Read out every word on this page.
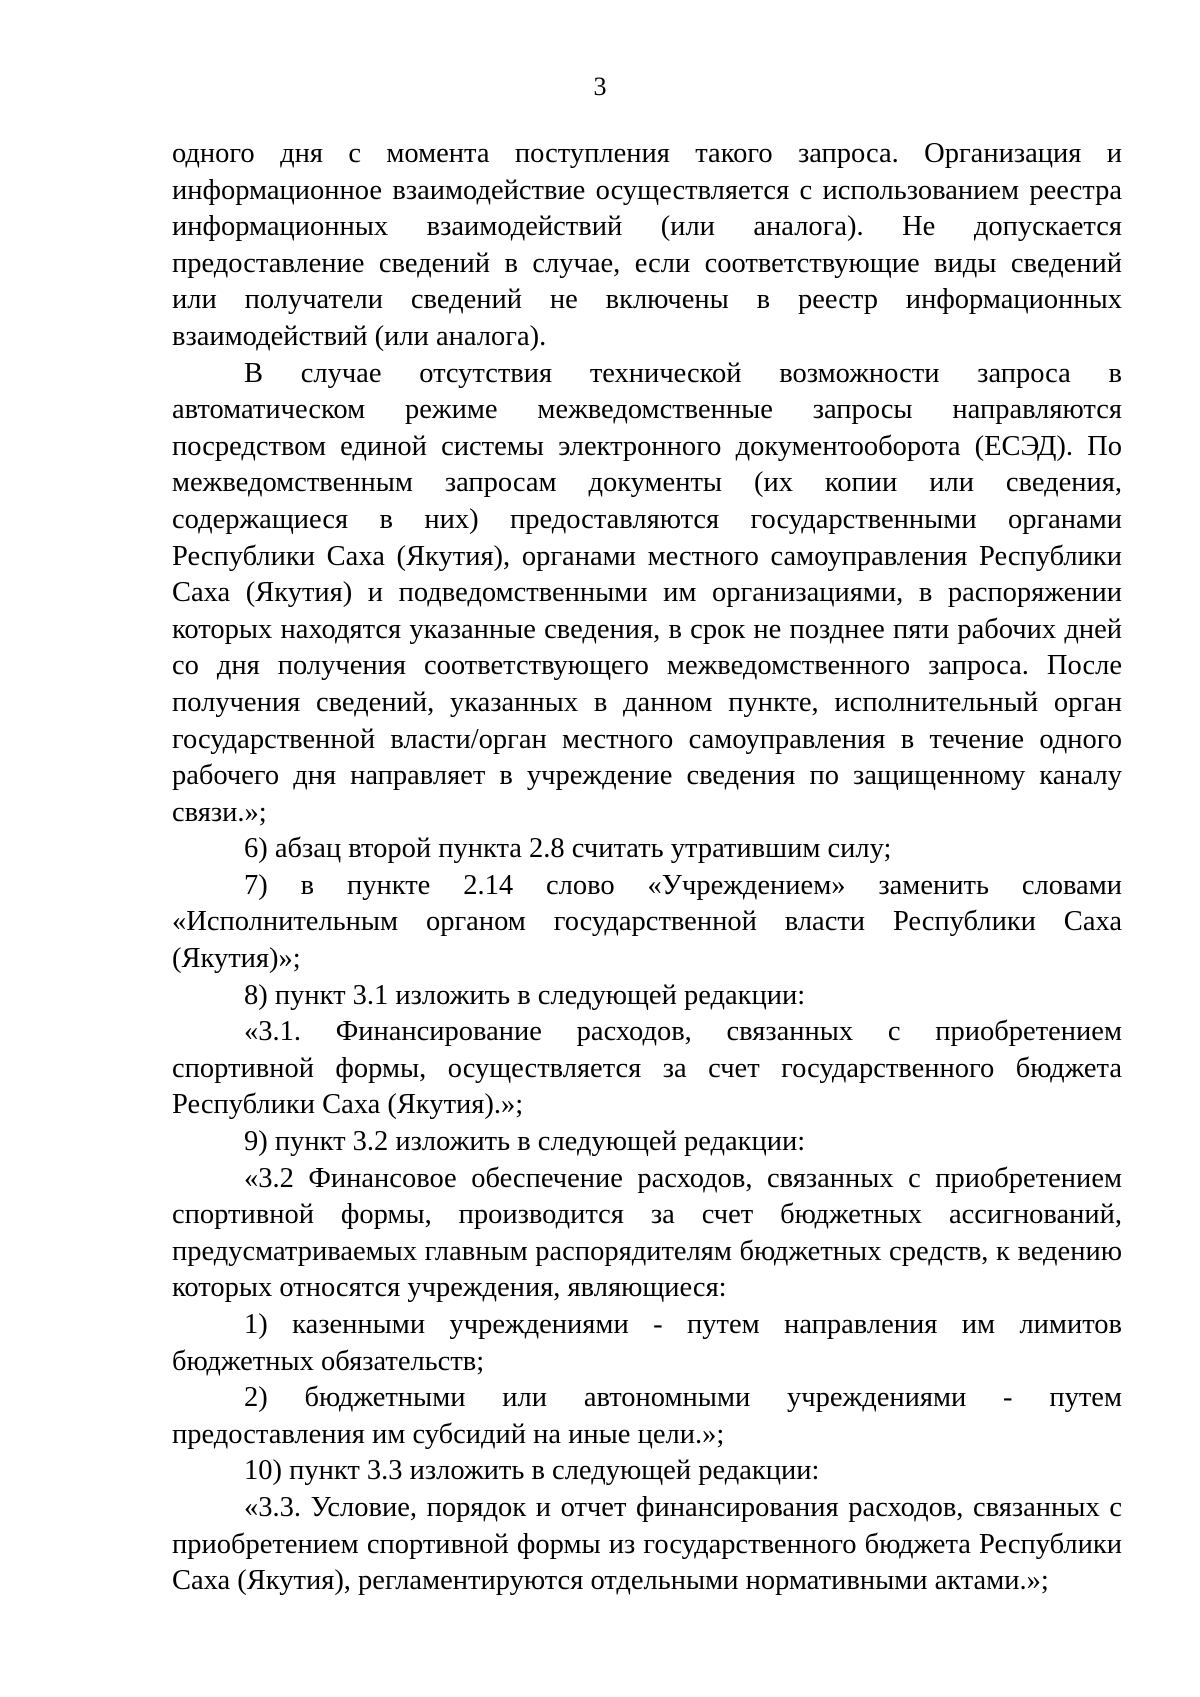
3

одного дня с момента поступления такого запроса. Организация и информационное взаимодействие осуществляется с использованием реестра информационных взаимодействий (или аналога). Не допускается предоставление сведений в случае, если соответствующие виды сведений или получатели сведений не включены в реестр информационных взаимодействий (или аналога).

В случае отсутствия технической возможности запроса в автоматическом режиме межведомственные запросы направляются посредством единой системы электронного документооборота (ЕСЭД). По межведомственным запросам документы (их копии или сведения, содержащиеся в них) предоставляются государственными органами Республики Саха (Якутия), органами местного самоуправления Республики Саха (Якутия) и подведомственными им организациями, в распоряжении которых находятся указанные сведения, в срок не позднее пяти рабочих дней со дня получения соответствующего межведомственного запроса. После получения сведений, указанных в данном пункте, исполнительный орган государственной власти/орган местного самоуправления в течение одного рабочего дня направляет в учреждение сведения по защищенному каналу связи.»;

6) абзац второй пункта 2.8 считать утратившим силу;

7) в пункте 2.14 слово «Учреждением» заменить словами «Исполнительным органом государственной власти Республики Саха (Якутия)»;

8) пункт 3.1 изложить в следующей редакции:

«3.1. Финансирование расходов, связанных с приобретением спортивной формы, осуществляется за счет государственного бюджета Республики Саха (Якутия).»;

9) пункт 3.2 изложить в следующей редакции:

«3.2 Финансовое обеспечение расходов, связанных с приобретением спортивной формы, производится за счет бюджетных ассигнований, предусматриваемых главным распорядителям бюджетных средств, к ведению которых относятся учреждения, являющиеся:

1) казенными учреждениями - путем направления им лимитов бюджетных обязательств;

2) бюджетными или автономными учреждениями - путем предоставления им субсидий на иные цели.»;

10) пункт 3.3 изложить в следующей редакции:

«3.3. Условие, порядок и отчет финансирования расходов, связанных с приобретением спортивной формы из государственного бюджета Республики Саха (Якутия), регламентируются отдельными нормативными актами.»;
